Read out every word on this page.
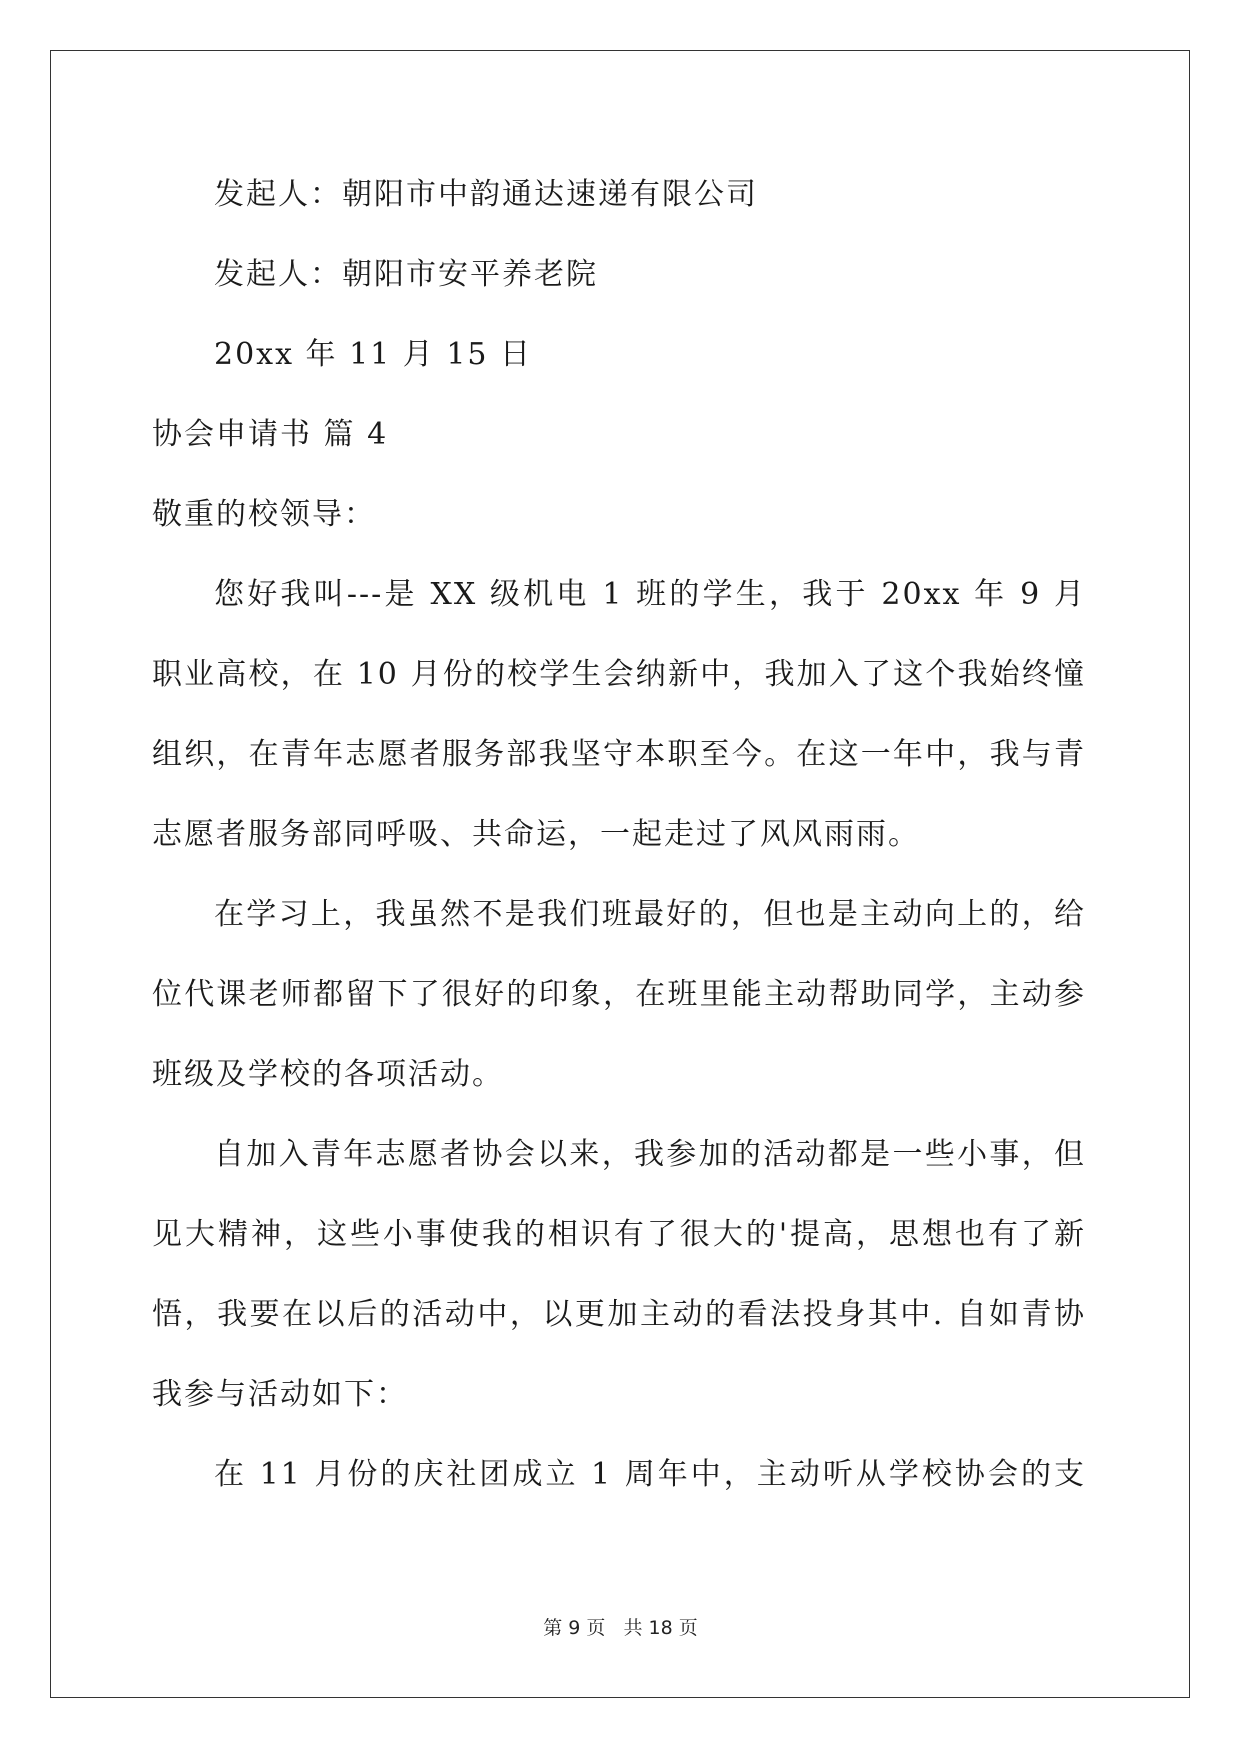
发起人：朝阳市中韵通达速递有限公司
发起人：朝阳市安平养老院
20xx 年 11 月 15 日
协会申请书 篇 4
敬重的校领导：
您好我叫---是 XX 级机电 1 班的学生，我于 20xx 年 9 月
职业高校，在 10 月份的校学生会纳新中，我加入了这个我始终憧
组织，在青年志愿者服务部我坚守本职至今。在这一年中，我与青
志愿者服务部同呼吸、共命运，一起走过了风风雨雨。
在学习上，我虽然不是我们班最好的，但也是主动向上的，给
位代课老师都留下了很好的印象，在班里能主动帮助同学，主动参
班级及学校的各项活动。
自加入青年志愿者协会以来，我参加的活动都是一些小事，但
见大精神，这些小事使我的相识有了很大的'提高，思想也有了新
悟，我要在以后的活动中，以更加主动的看法投身其中. 自如青协
我参与活动如下：
在 11 月份的庆社团成立 1 周年中，主动听从学校协会的支
第 9 页 共 18 页
